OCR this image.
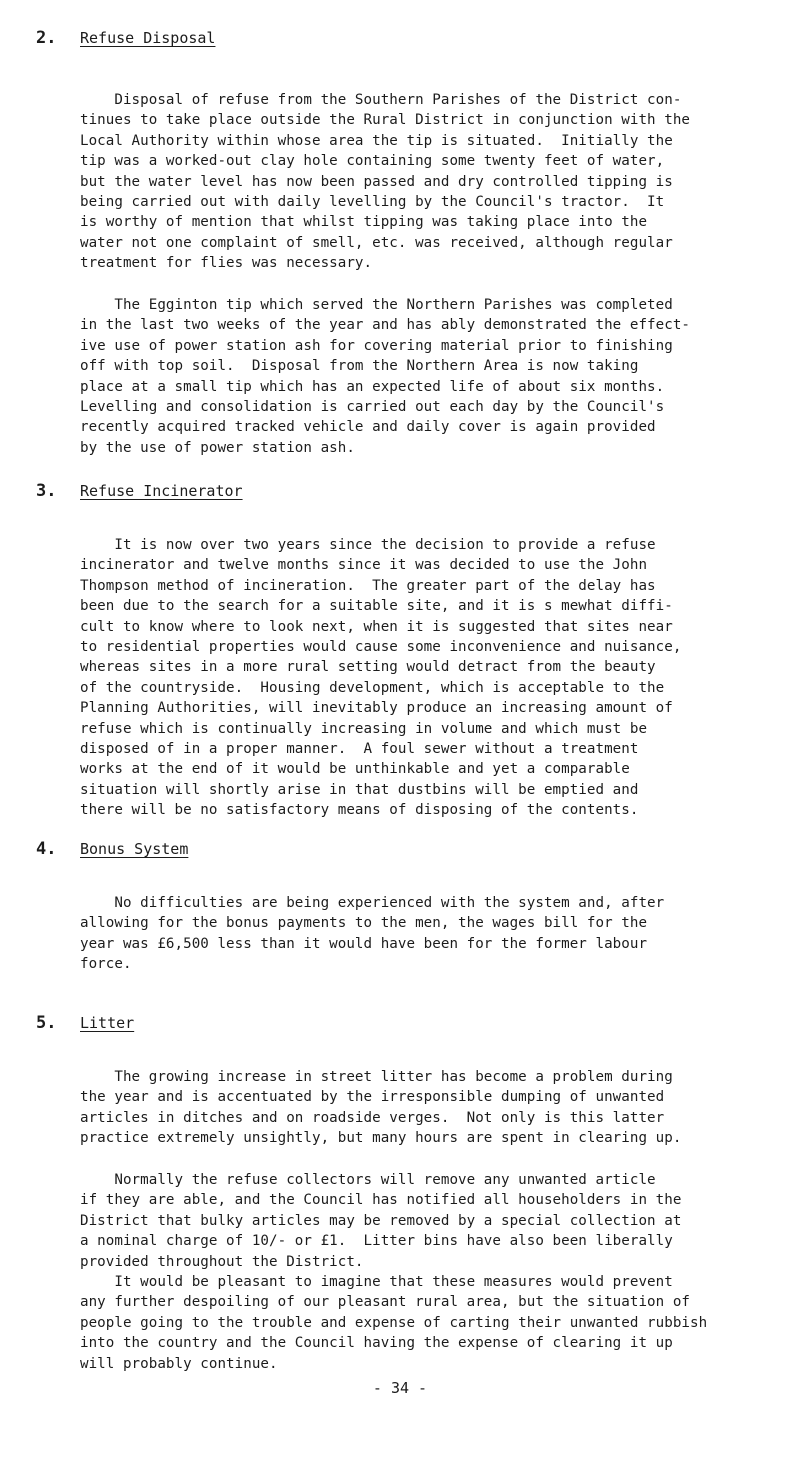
2. Refuse Disposal

Disposal of refuse from the Southern Parishes of the District con-
tinues to take place outside the Rural District in conjunction with the
Local Authority within whose area the tip is situated.  Initially the
tip was a worked-out clay hole containing some twenty feet of water,
but the water level has now been passed and dry controlled tipping is
being carried out with daily levelling by the Council's tractor.  It
is worthy of mention that whilst tipping was taking place into the
water not one complaint of smell, etc. was received, although regular
treatment for flies was necessary.

The Egginton tip which served the Northern Parishes was completed
in the last two weeks of the year and has ably demonstrated the effect-
ive use of power station ash for covering material prior to finishing
off with top soil.  Disposal from the Northern Area is now taking
place at a small tip which has an expected life of about six months.
Levelling and consolidation is carried out each day by the Council's
recently acquired tracked vehicle and daily cover is again provided
by the use of power station ash.

3. Refuse Incinerator

It is now over two years since the decision to provide a refuse
incinerator and twelve months since it was decided to use the John
Thompson method of incineration.  The greater part of the delay has
been due to the search for a suitable site, and it is s mewhat diffi-
cult to know where to look next, when it is suggested that sites near
to residential properties would cause some inconvenience and nuisance,
whereas sites in a more rural setting would detract from the beauty
of the countryside.  Housing development, which is acceptable to the
Planning Authorities, will inevitably produce an increasing amount of
refuse which is continually increasing in volume and which must be
disposed of in a proper manner.  A foul sewer without a treatment
works at the end of it would be unthinkable and yet a comparable
situation will shortly arise in that dustbins will be emptied and
there will be no satisfactory means of disposing of the contents.

4. Bonus System

No difficulties are being experienced with the system and, after
allowing for the bonus payments to the men, the wages bill for the
year was £6,500 less than it would have been for the former labour
force.

5. Litter

The growing increase in street litter has become a problem during
the year and is accentuated by the irresponsible dumping of unwanted
articles in ditches and on roadside verges.  Not only is this latter
practice extremely unsightly, but many hours are spent in clearing up.

Normally the refuse collectors will remove any unwanted article
if they are able, and the Council has notified all householders in the
District that bulky articles may be removed by a special collection at
a nominal charge of 10/- or £1.  Litter bins have also been liberally
provided throughout the District.

It would be pleasant to imagine that these measures would prevent
any further despoiling of our pleasant rural area, but the situation of
people going to the trouble and expense of carting their unwanted rubbish
into the country and the Council having the expense of clearing it up
will probably continue.

- 34 -
